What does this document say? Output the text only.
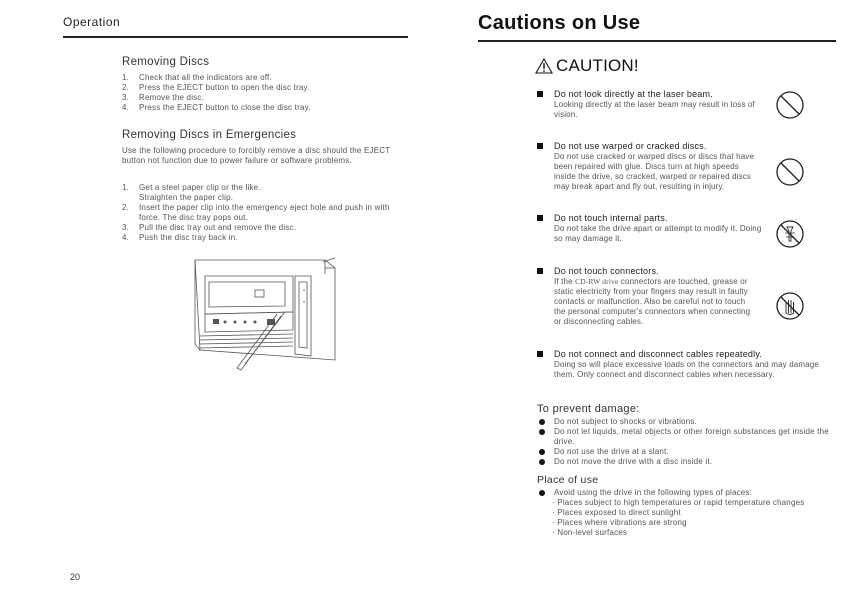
Operation
Removing Discs
1. Check that all the indicators are off.
2. Press the EJECT button to open the disc tray.
3. Remove the disc.
4. Press the EJECT button to close the disc tray.
Removing Discs in Emergencies
Use the following procedure to forcibly remove a disc should the EJECT button not function due to power failure or software problems.
1. Get a steel paper clip or the like.
Straighten the paper clip.
2. Insert the paper clip into the emergency eject hole and push in with force. The disc tray pops out.
3. Pull the disc tray out and remove the disc.
4. Push the disc tray back in.
20
Cautions on Use
CAUTION!
Do not look directly at the laser beam.
Looking directly at the laser beam may result in loss of vision.
Do not use warped or cracked discs.
Do not use cracked or warped discs or discs that have been repaired with glue. Discs turn at high speeds inside the drive, so cracked, warped or repaired discs may break apart and fly out, resulting in injury.
Do not touch internal parts.
Do not take the drive apart or attempt to modify it. Doing so may damage it.
Do not touch connectors.
If the CD-RW drive connectors are touched, grease or static electricity from your fingers may result in faulty contacts or malfunction. Also be careful not to touch the personal computer's connectors when connecting or disconnecting cables.
Do not connect and disconnect cables repeatedly.
Doing so will place excessive loads on the connectors and may damage them. Only connect and disconnect cables when necessary.
To prevent damage:
Do not subject to shocks or vibrations.
Do not let liquids, metal objects or other foreign substances get inside the drive.
Do not use the drive at a slant.
Do not move the drive with a disc inside it.
Place of use
Avoid using the drive in the following types of places:
· Places subject to high temperatures or rapid temperature changes
· Places exposed to direct sunlight
· Places where vibrations are strong
· Non-level surfaces
